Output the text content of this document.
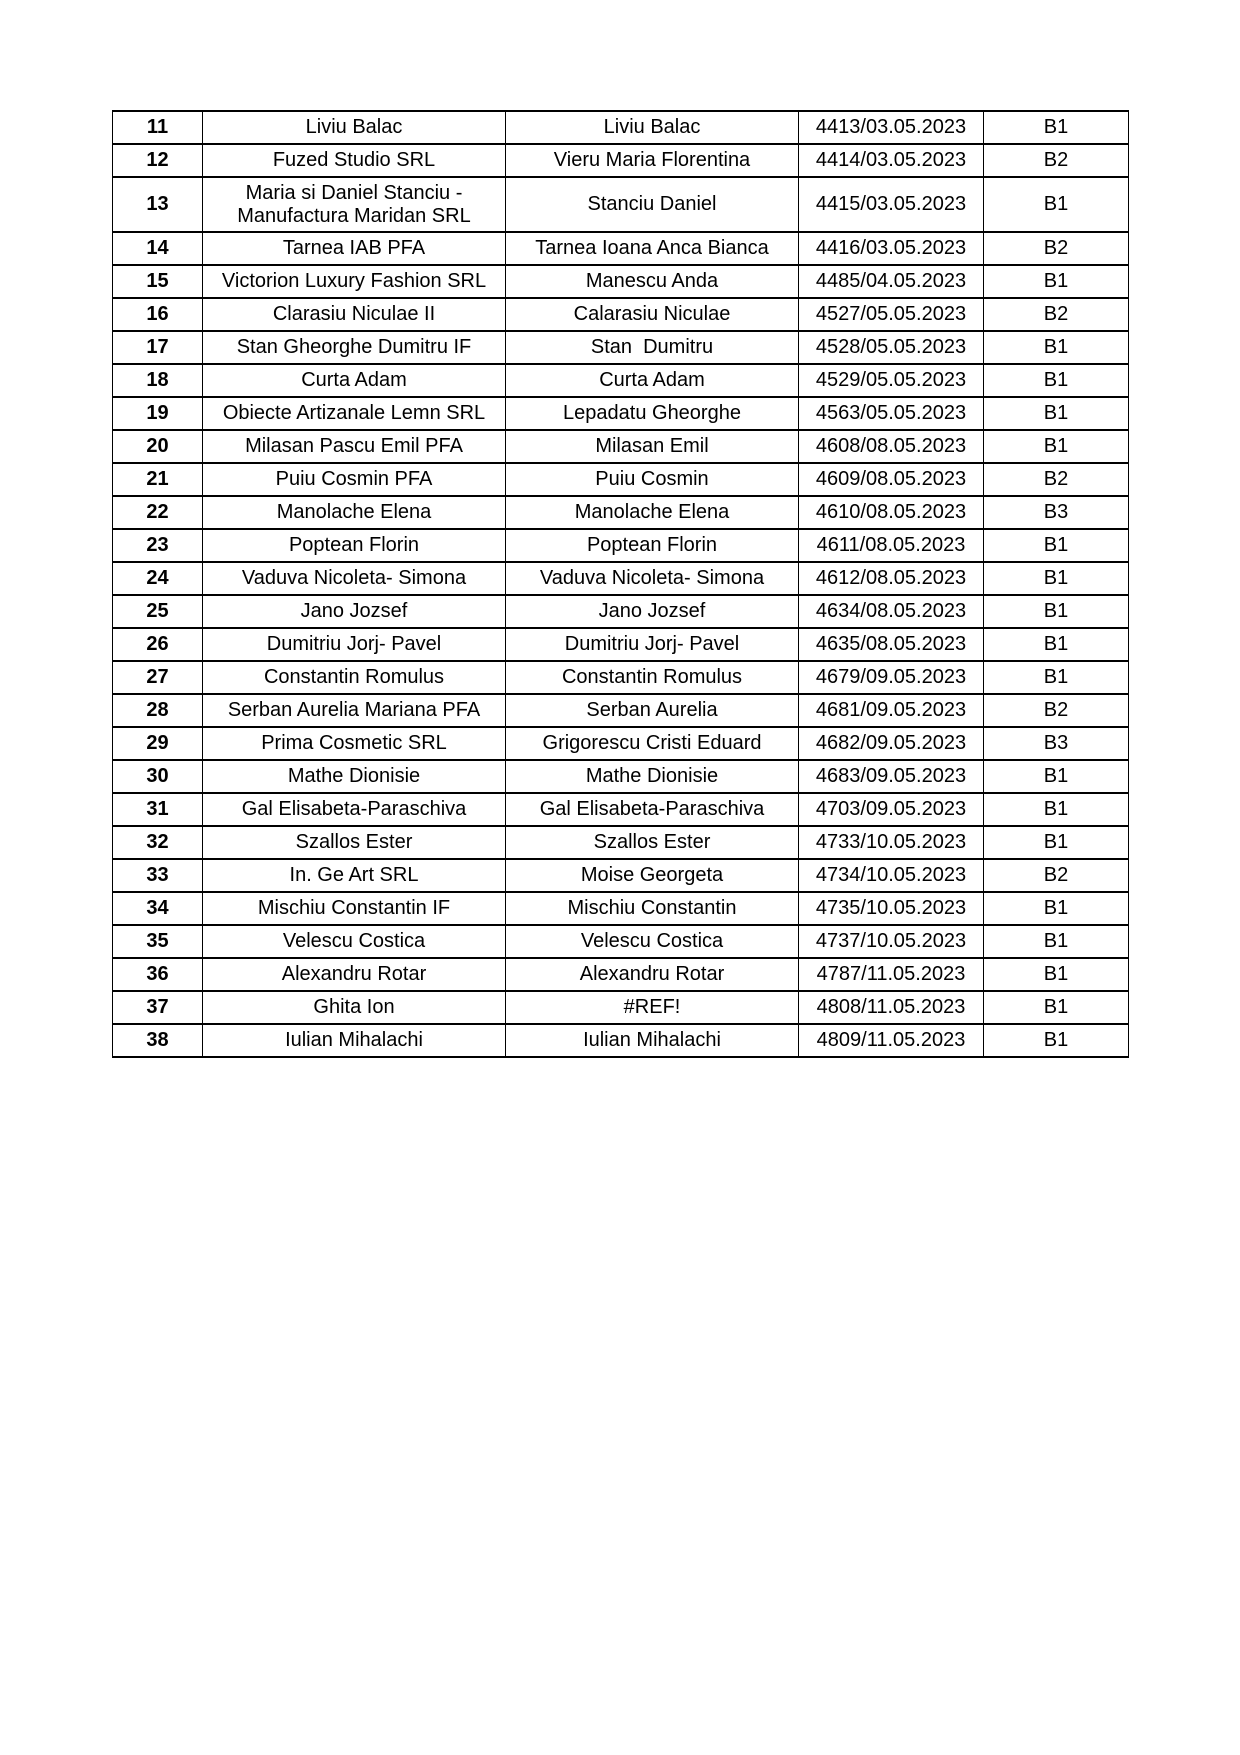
11	Liviu Balac	Liviu Balac	4413/03.05.2023	B1
12	Fuzed Studio SRL	Vieru Maria Florentina	4414/03.05.2023	B2
13	Maria si Daniel Stanciu - Manufactura Maridan SRL	Stanciu Daniel	4415/03.05.2023	B1
14	Tarnea IAB PFA	Tarnea Ioana Anca Bianca	4416/03.05.2023	B2
15	Victorion Luxury Fashion SRL	Manescu Anda	4485/04.05.2023	B1
16	Clarasiu Niculae II	Calarasiu Niculae	4527/05.05.2023	B2
17	Stan Gheorghe Dumitru IF	Stan  Dumitru	4528/05.05.2023	B1
18	Curta Adam	Curta Adam	4529/05.05.2023	B1
19	Obiecte Artizanale Lemn SRL	Lepadatu Gheorghe	4563/05.05.2023	B1
20	Milasan Pascu Emil PFA	Milasan Emil	4608/08.05.2023	B1
21	Puiu Cosmin PFA	Puiu Cosmin	4609/08.05.2023	B2
22	Manolache Elena	Manolache Elena	4610/08.05.2023	B3
23	Poptean Florin	Poptean Florin	4611/08.05.2023	B1
24	Vaduva Nicoleta- Simona	Vaduva Nicoleta- Simona	4612/08.05.2023	B1
25	Jano Jozsef	Jano Jozsef	4634/08.05.2023	B1
26	Dumitriu Jorj- Pavel	Dumitriu Jorj- Pavel	4635/08.05.2023	B1
27	Constantin Romulus	Constantin Romulus	4679/09.05.2023	B1
28	Serban Aurelia Mariana PFA	Serban Aurelia	4681/09.05.2023	B2
29	Prima Cosmetic SRL	Grigorescu Cristi Eduard	4682/09.05.2023	B3
30	Mathe Dionisie	Mathe Dionisie	4683/09.05.2023	B1
31	Gal Elisabeta-Paraschiva	Gal Elisabeta-Paraschiva	4703/09.05.2023	B1
32	Szallos Ester	Szallos Ester	4733/10.05.2023	B1
33	In. Ge Art SRL	Moise Georgeta	4734/10.05.2023	B2
34	Mischiu Constantin IF	Mischiu Constantin	4735/10.05.2023	B1
35	Velescu Costica	Velescu Costica	4737/10.05.2023	B1
36	Alexandru Rotar	Alexandru Rotar	4787/11.05.2023	B1
37	Ghita Ion	#REF!	4808/11.05.2023	B1
38	Iulian Mihalachi	Iulian Mihalachi	4809/11.05.2023	B1
